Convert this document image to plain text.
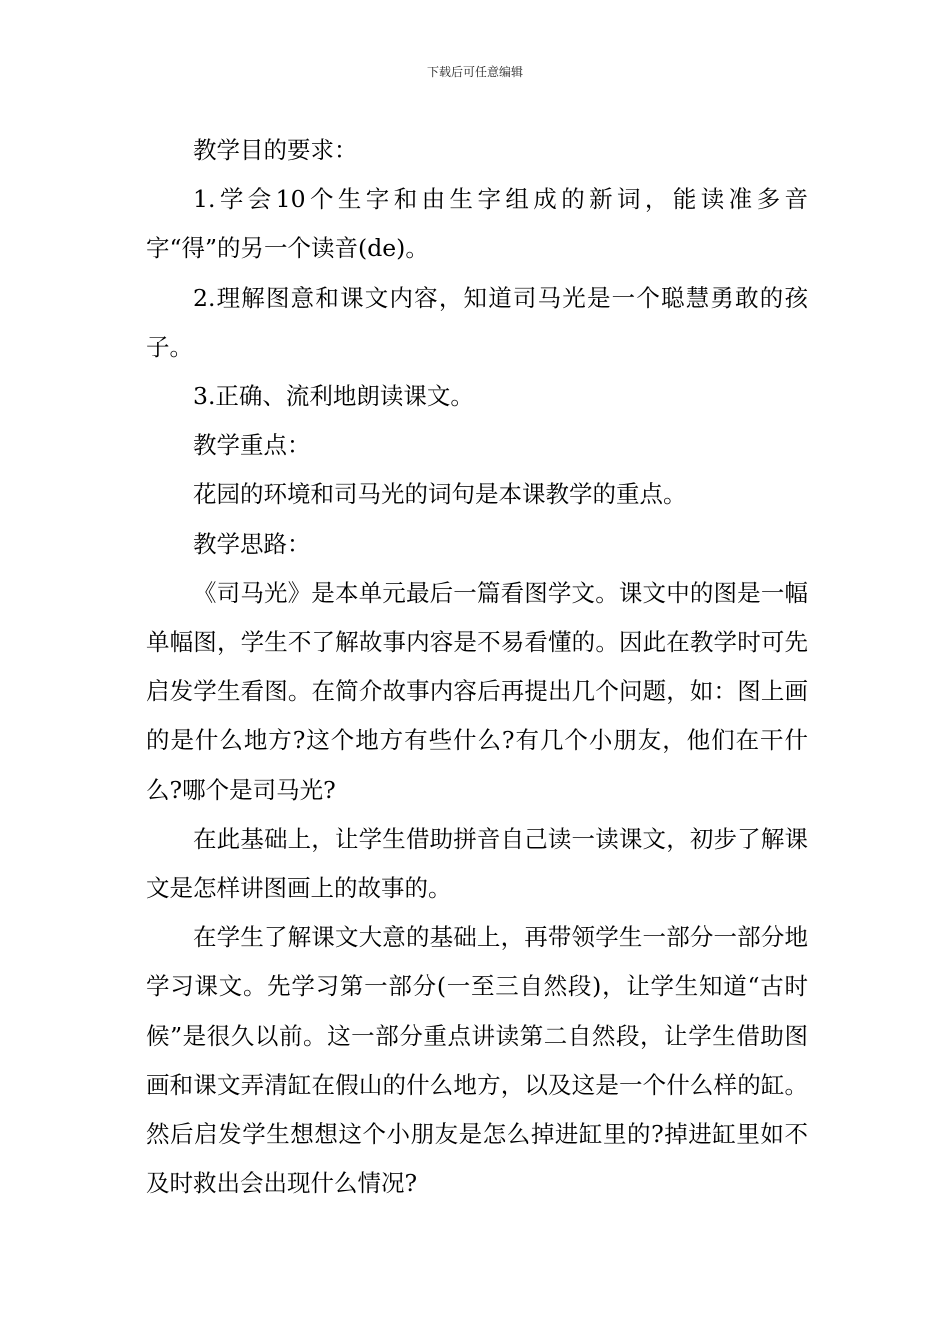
下载后可任意编辑

教学目的要求：

1.学会10个生字和由生字组成的新词，能读准多音字“得”的另一个读音(de)。

2.理解图意和课文内容，知道司马光是一个聪慧勇敢的孩子。

3.正确、流利地朗读课文。

教学重点：

花园的环境和司马光的词句是本课教学的重点。

教学思路：

《司马光》是本单元最后一篇看图学文。课文中的图是一幅单幅图，学生不了解故事内容是不易看懂的。因此在教学时可先启发学生看图。在简介故事内容后再提出几个问题，如：图上画的是什么地方?这个地方有些什么?有几个小朋友，他们在干什么?哪个是司马光?

在此基础上，让学生借助拼音自己读一读课文，初步了解课文是怎样讲图画上的故事的。

在学生了解课文大意的基础上，再带领学生一部分一部分地学习课文。先学习第一部分(一至三自然段)，让学生知道“古时候”是很久以前。这一部分重点讲读第二自然段，让学生借助图画和课文弄清缸在假山的什么地方，以及这是一个什么样的缸。然后启发学生想想这个小朋友是怎么掉进缸里的?掉进缸里如不及时救出会出现什么情况?
